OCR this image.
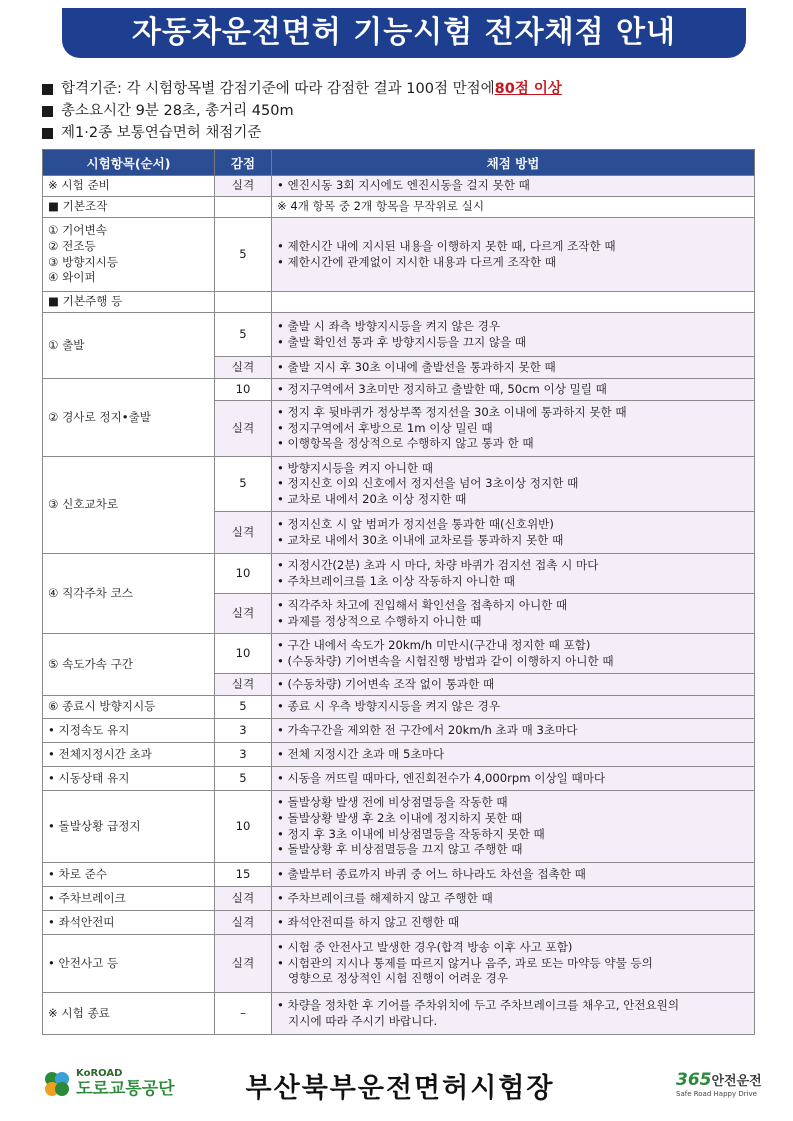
자동차운전면허 기능시험 전자채점 안내
합격기준: 각 시험항목별 감점기준에 따라 감점한 결과 100점 만점에 80점 이상
총소요시간 9분 28초, 총거리 450m
제1·2종 보통연습면허 채점기준
시험항목(순서)	감점	채점 방법
※ 시험 준비	실격	• 엔진시동 3회 지시에도 엔진시동을 걸지 못한 때

■ 기본조작		※ 4개 항목 중 2개 항목을 무작위로 실시

① 기어변속
② 전조등
③ 방향지시등
④ 와이퍼	5	• 제한시간 내에 지시된 내용을 이행하지 못한 때, 다르게 조작한 때
• 제한시간에 관계없이 지시한 내용과 다르게 조작한 때

■ 기본주행 등		
① 출발	5	• 출발 시 좌측 방향지시등을 켜지 않은 경우
• 출발 확인선 통과 후 방향지시등을 끄지 않을 때

	실격	• 출발 지시 후 30초 이내에 출발선을 통과하지 못한 때

② 경사로 정지•출발	10	• 정지구역에서 3초미만 정지하고 출발한 때, 50cm 이상 밀릴 때

	실격	• 정지 후 뒷바퀴가 정상부쪽 정지선을 30초 이내에 통과하지 못한 때
• 정지구역에서 후방으로 1m 이상 밀린 때
• 이행항목을 정상적으로 수행하지 않고 통과 한 때

③ 신호교차로	5	• 방향지시등을 켜지 아니한 때
• 정지신호 이외 신호에서 정지선을 넘어 3초이상 정지한 때
• 교차로 내에서 20초 이상 정지한 때

	실격	• 정지신호 시 앞 범퍼가 정지선을 통과한 때(신호위반)
• 교차로 내에서 30초 이내에 교차로를 통과하지 못한 때

④ 직각주차 코스	10	• 지정시간(2분) 초과 시 마다, 차량 바퀴가 검지선 접촉 시 마다
• 주차브레이크를 1초 이상 작동하지 아니한 때

	실격	• 직각주차 차고에 진입해서 확인선을 접촉하지 아니한 때
• 과제를 정상적으로 수행하지 아니한 때

⑤ 속도가속 구간	10	• 구간 내에서 속도가 20km/h 미만시(구간내 정지한 때 포함)
• (수동차량) 기어변속을 시험진행 방법과 같이 이행하지 아니한 때

	실격	• (수동차량) 기어변속 조작 없이 통과한 때

⑥ 종료시 방향지시등	5	• 종료 시 우측 방향지시등을 켜지 않은 경우

• 지정속도 유지	3	• 가속구간을 제외한 전 구간에서 20km/h 초과 매 3초마다

• 전체지정시간 초과	3	• 전체 지정시간 초과 매 5초마다

• 시동상태 유지	5	• 시동을 꺼뜨릴 때마다, 엔진회전수가 4,000rpm 이상일 때마다

• 돌발상황 급정지	10	• 돌발상황 발생 전에 비상점멸등을 작동한 때
• 돌발상황 발생 후 2초 이내에 정지하지 못한 때
• 정지 후 3초 이내에 비상점멸등을 작동하지 못한 때
• 돌발상황 후 비상점멸등을 끄지 않고 주행한 때

• 차로 준수	15	• 출발부터 종료까지 바퀴 중 어느 하나라도 차선을 접촉한 때

• 주차브레이크	실격	• 주차브레이크를 해제하지 않고 주행한 때

• 좌석안전띠	실격	• 좌석안전띠를 하지 않고 진행한 때

• 안전사고 등	실격	• 시험 중 안전사고 발생한 경우(합격 방송 이후 사고 포함)
• 시험관의 지시나 통제를 따르지 않거나 음주, 과로 또는 마약등 약물 등의
영향으로 정상적인 시험 진행이 어려운 경우

※ 시험 종료	–	• 차량을 정차한 후 기어를 주차위치에 두고 주차브레이크를 채우고, 안전요원의
지시에 따라 주시기 바랍니다.
KoROAD
도로교통공단	부산북부운전면허시험장	365안전운전
Safe Road Happy Drive
